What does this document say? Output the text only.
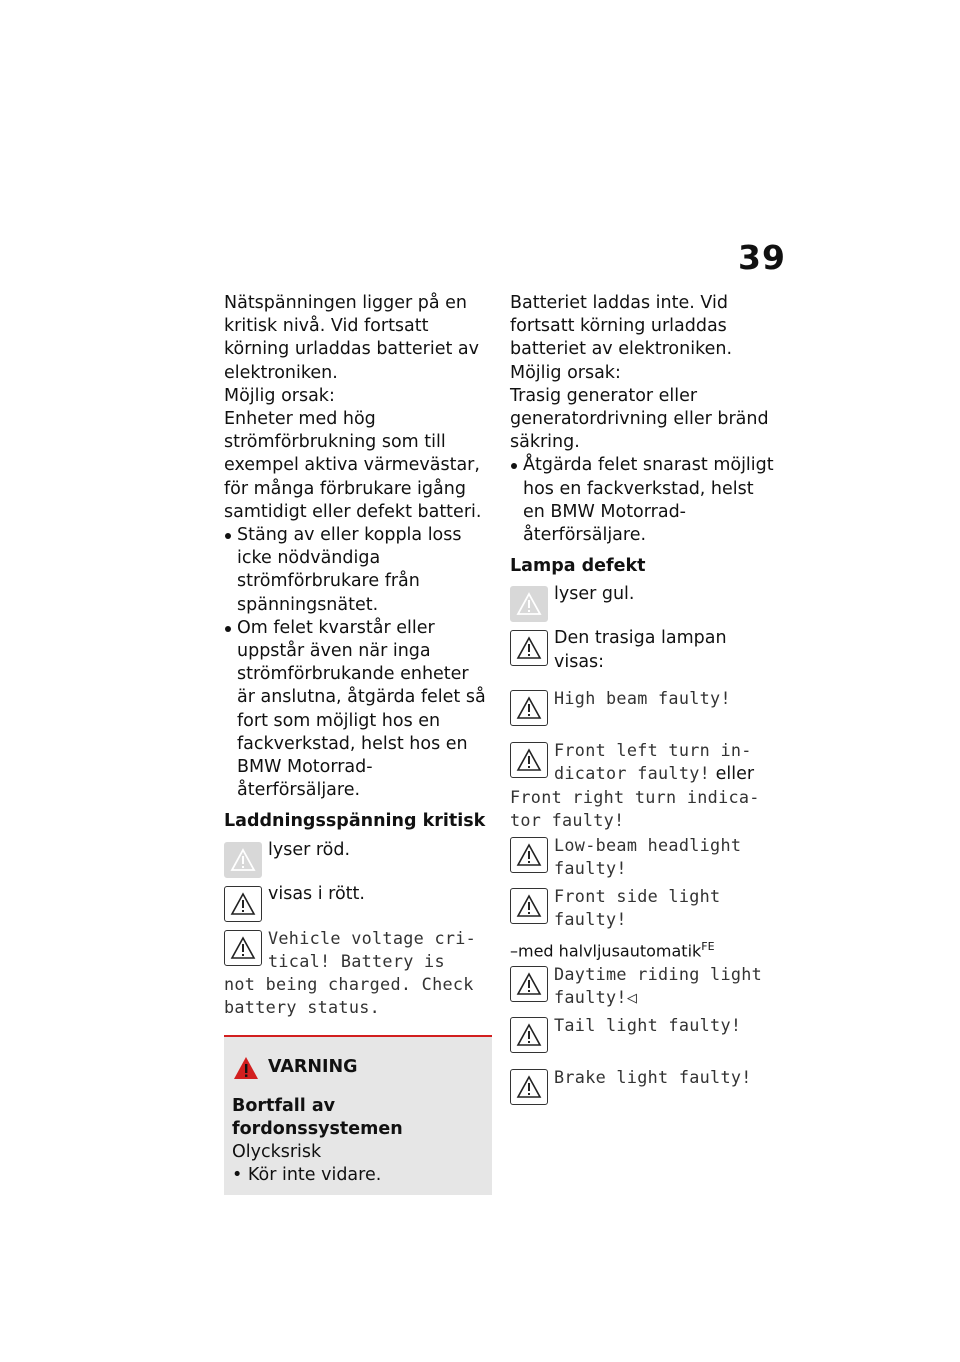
39

Nätspänningen ligger på en kritisk nivå. Vid fortsatt körning urladdas batteriet av elektroniken.

Möjlig orsak:

Enheter med hög strömförbrukning som till exempel aktiva värmevästar, för många förbrukare igång samtidigt eller defekt batteri.

Stäng av eller koppla loss icke nödvändiga strömförbrukare från spänningsnätet.

Om felet kvarstår eller uppstår även när inga strömförbrukande enheter är anslutna, åtgärda felet så fort som möjligt hos en fackverkstad, helst hos en BMW Motorrad-återförsäljare.

Laddningsspänning kritisk

lyser röd.
visas i rött.
Vehicle voltage cri-
tical! Battery is
not being charged. Check
battery status.
VARNING

Bortfall av fordonssystemen

Olycksrisk

• Kör inte vidare.

Batteriet laddas inte. Vid fortsatt körning urladdas batteriet av elektroniken.

Möjlig orsak:

Trasig generator eller generatordrivning eller bränd säkring.

Åtgärda felet snarast möjligt hos en fackverkstad, helst en BMW Motorrad-återförsäljare.

Lampa defekt

lyser gul.
Den trasiga lampan visas:
High beam faulty!
Front left turn in-
dicator faulty! eller
Front right turn indica-
tor faulty!
Low-beam headlight
faulty!
Front side light
faulty!

–med halvljusautomatik$^{FE}$

Daytime riding light
faulty!◁
Tail light faulty!
Brake light faulty!
